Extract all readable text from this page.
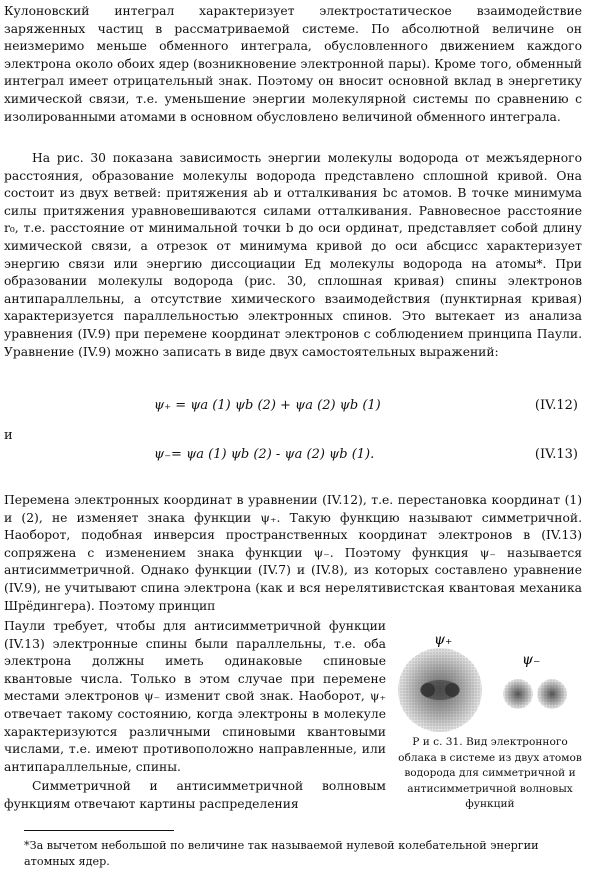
Кулоновский интеграл характеризует электростатическое взаимодействие заряженных частиц в рассматриваемой системе. По абсолютной величине он неизмеримо меньше обменного интеграла, обусловленного движением каждого электрона около обоих ядер (возникновение электронной пары). Кроме того, обменный интеграл имеет отрицательный знак. Поэтому он вносит основной вклад в энергетику химической связи, т.е. уменьшение энергии молекулярной системы по сравнению с изолированными атомами в основном обусловлено величиной обменного интеграла.
На рис. 30 показана зависимость энергии молекулы водорода от межъядерного расстояния, образование молекулы водорода представлено сплошной кривой. Она состоит из двух ветвей: притяжения ab и отталкивания bc атомов. В точке минимума силы притяжения уравновешиваются силами отталкивания. Равновесное расстояние r₀, т.е. расстояние от минимальной точки b до оси ординат, представляет собой длину химической связи, а отрезок от минимума кривой до оси абсцисс характеризует энергию связи или энергию диссоциации Eд молекулы водорода на атомы*. При образовании молекулы водорода (рис. 30, сплошная кривая) спины электронов антипараллельны, а отсутствие химического взаимодействия (пунктирная кривая) характеризуется параллельностью электронных спинов. Это вытекает из анализа уравнения (IV.9) при перемене координат электронов с соблюдением принципа Паули. Уравнение (IV.9) можно записать в виде двух самостоятельных выражений:
ψ₊ = ψa (1) ψb (2) + ψa (2) ψb (1)	(IV.12)
и
ψ₋= ψa (1) ψb (2) - ψa (2) ψb (1).	(IV.13)
Перемена электронных координат в уравнении (IV.12), т.е. перестановка координат (1) и (2), не изменяет знака функции ψ₊. Такую функцию называют симметричной. Наоборот, подобная инверсия пространственных координат электронов в (IV.13) сопряжена с изменением знака функции ψ₋. Поэтому функция ψ₋ называется антисимметричной. Однако функции (IV.7) и (IV.8), из которых составлено уравнение (IV.9), не учитывают спина электрона (как и вся нерелятивистская квантовая механика Шрёдингера). Поэтому принцип
Паули требует, чтобы для антисимметричной функции (IV.13) электронные спины были параллельны, т.е. оба электрона должны иметь одинаковые спиновые квантовые числа. Только в этом случае при перемене местами электронов ψ₋ изменит свой знак. Наоборот, ψ₊ отвечает такому состоянию, когда электроны в молекуле характеризуются различными спиновыми квантовыми числами, т.е. имеют противоположно направленные, или антипараллельные, спины.
Симметричной и антисимметричной волновым функциям отвечают картины распределения
ψ₊
ψ₋
Р и с. 31. Вид электронного облака в системе из двух атомов водорода для симметричной и антисимметричной волновых функций
*За вычетом небольшой по величине так называемой нулевой колебательной энергии атомных ядер.
